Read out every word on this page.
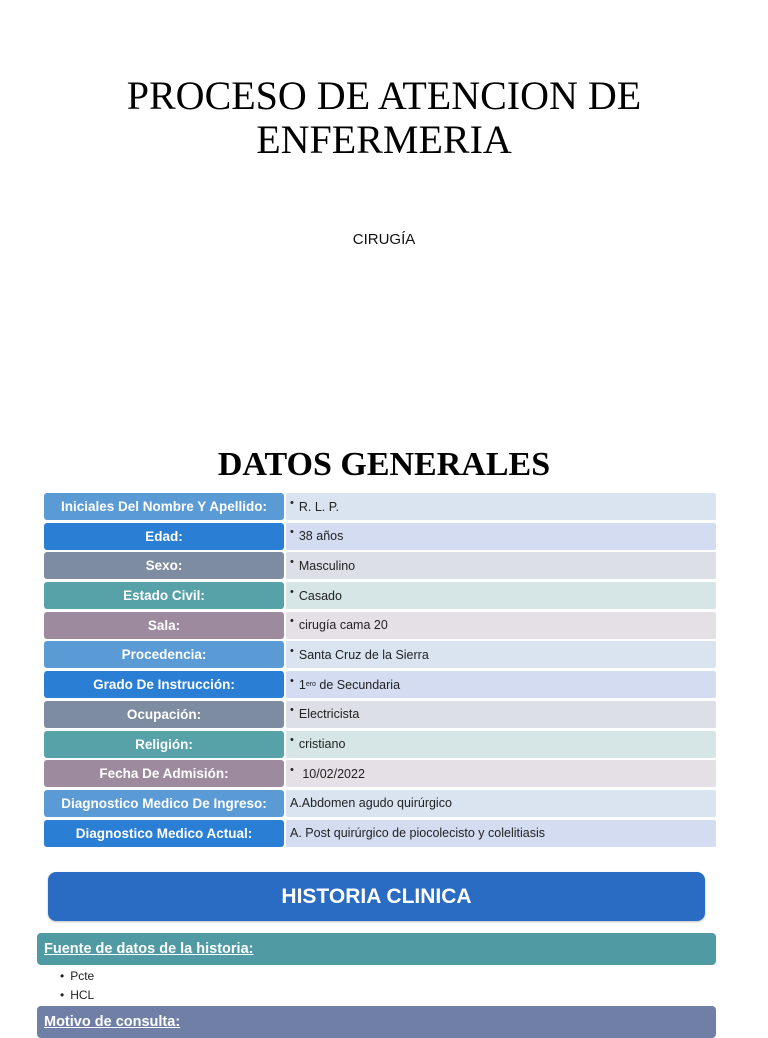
PROCESO DE ATENCION DE
ENFERMERIA
CIRUGÍA
DATOS GENERALES
Iniciales Del Nombre Y Apellido:	• R. L. P.
Edad:	• 38 años
Sexo:	• Masculino
Estado Civil:	• Casado
Sala:	• cirugía cama 20
Procedencia:	• Santa Cruz de la Sierra
Grado De Instrucción:	• 1 ero de Secundaria
Ocupación:	• Electricista
Religión:	• cristiano
Fecha De Admisión:	• 10/02/2022
Diagnostico Medico De Ingreso:	A.Abdomen agudo quirúrgico
Diagnostico Medico Actual:	A. Post quirúrgico de piocolecisto y colelitiasis
HISTORIA CLINICA
Fuente de datos de la historia:
• Pcte
• HCL
Motivo de consulta:
